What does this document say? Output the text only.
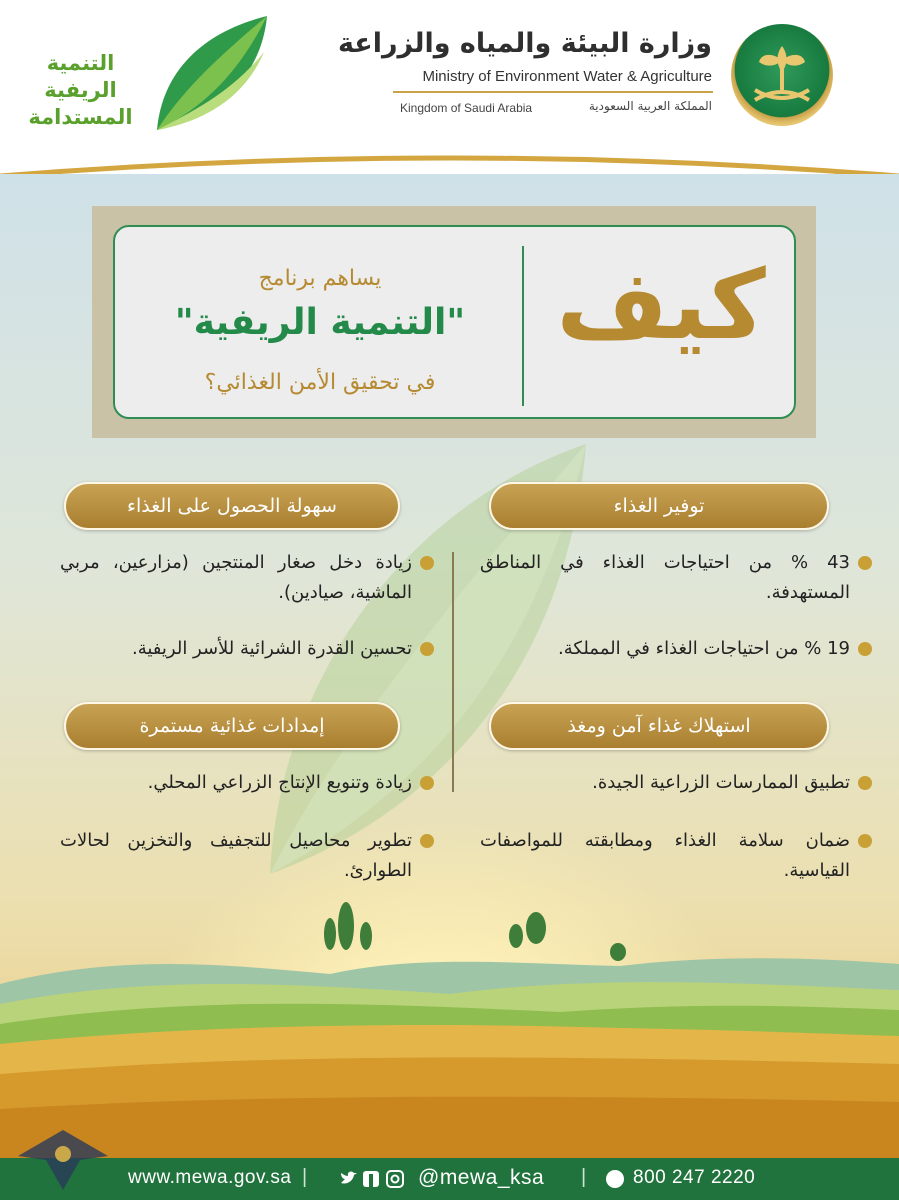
التنمية
الريفية
المستدامة
وزارة البيئة والمياه والزراعة
Ministry of Environment Water & Agriculture
Kingdom of Saudi Arabia	المملكة العربية السعودية
كيف
يساهم برنامج
"التنمية الريفية"
في تحقيق الأمن الغذائي؟
توفير الغذاء
43 % من احتياجات الغذاء في المناطق المستهدفة.
19 % من احتياجات الغذاء في المملكة.
سهولة الحصول على الغذاء
زيادة دخل صغار المنتجين (مزارعين، مربي الماشية، صيادين).
تحسين القدرة الشرائية للأسر الريفية.
استهلاك غذاء آمن ومغذ
تطبيق الممارسات الزراعية الجيدة.
ضمان سلامة الغذاء ومطابقته للمواصفات القياسية.
إمدادات غذائية مستمرة
زيادة وتنويع الإنتاج الزراعي المحلي.
تطوير محاصيل للتجفيف والتخزين لحالات الطوارئ.
www.mewa.gov.sa |	@mewa_ksa | 800 247 2220
